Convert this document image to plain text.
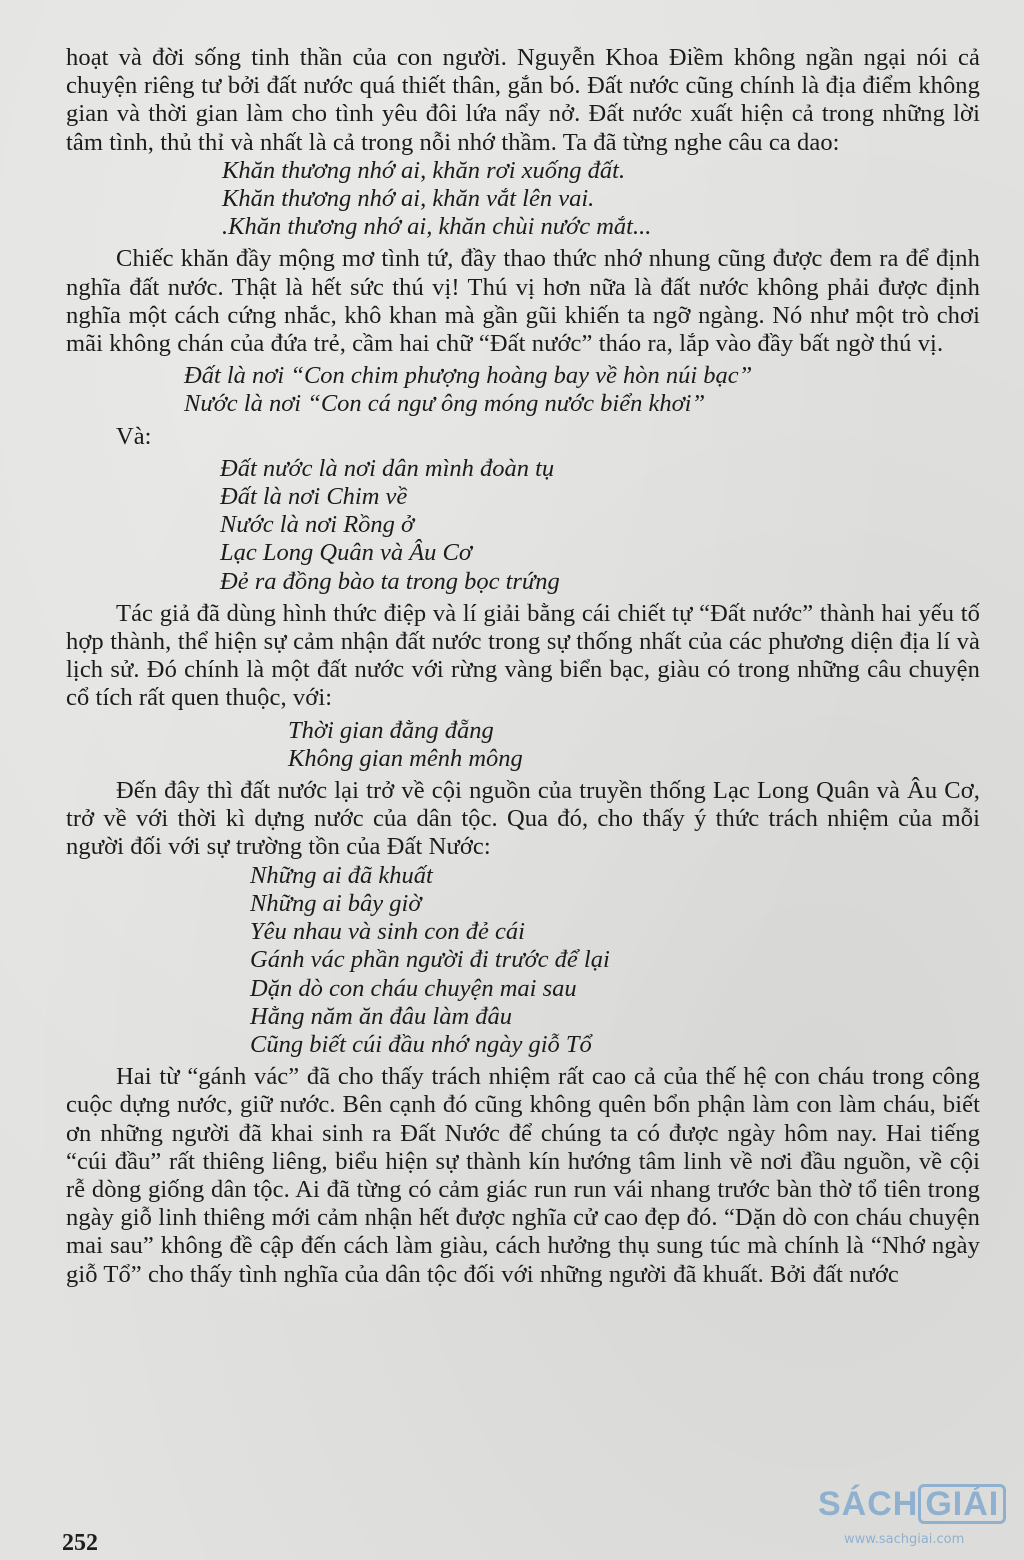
hoạt và đời sống tinh thần của con người. Nguyễn Khoa Điềm không ngần ngại nói cả chuyện riêng tư bởi đất nước quá thiết thân, gắn bó. Đất nước cũng chính là địa điểm không gian và thời gian làm cho tình yêu đôi lứa nẩy nở. Đất nước xuất hiện cả trong những lời tâm tình, thủ thỉ và nhất là cả trong nỗi nhớ thầm. Ta đã từng nghe câu ca dao:

Khăn thương nhớ ai, khăn rơi xuống đất.
Khăn thương nhớ ai, khăn vắt lên vai.
.Khăn thương nhớ ai, khăn chùi nước mắt...

Chiếc khăn đầy mộng mơ tình tứ, đầy thao thức nhớ nhung cũng được đem ra để định nghĩa đất nước. Thật là hết sức thú vị! Thú vị hơn nữa là đất nước không phải được định nghĩa một cách cứng nhắc, khô khan mà gần gũi khiến ta ngỡ ngàng. Nó như một trò chơi mãi không chán của đứa trẻ, cầm hai chữ “Đất nước” tháo ra, lắp vào đầy bất ngờ thú vị.

Đất là nơi “Con chim phượng hoàng bay về hòn núi bạc”
Nước là nơi “Con cá ngư ông móng nước biển khơi”

Và:

Đất nước là nơi dân mình đoàn tụ
Đất là nơi Chim về
Nước là nơi Rồng ở
Lạc Long Quân và Âu Cơ
Đẻ ra đồng bào ta trong bọc trứng

Tác giả đã dùng hình thức điệp và lí giải bằng cái chiết tự “Đất nước” thành hai yếu tố hợp thành, thể hiện sự cảm nhận đất nước trong sự thống nhất của các phương diện địa lí và lịch sử. Đó chính là một đất nước với rừng vàng biển bạc, giàu có trong những câu chuyện cổ tích rất quen thuộc, với:

Thời gian đằng đẵng
Không gian mênh mông

Đến đây thì đất nước lại trở về cội nguồn của truyền thống Lạc Long Quân và Âu Cơ, trở về với thời kì dựng nước của dân tộc. Qua đó, cho thấy ý thức trách nhiệm của mỗi người đối với sự trường tồn của Đất Nước:

Những ai đã khuất
Những ai bây giờ
Yêu nhau và sinh con đẻ cái
Gánh vác phần người đi trước để lại
Dặn dò con cháu chuyện mai sau
Hằng năm ăn đâu làm đâu
Cũng biết cúi đầu nhớ ngày giỗ Tổ

Hai từ “gánh vác” đã cho thấy trách nhiệm rất cao cả của thế hệ con cháu trong công cuộc dựng nước, giữ nước. Bên cạnh đó cũng không quên bổn phận làm con làm cháu, biết ơn những người đã khai sinh ra Đất Nước để chúng ta có được ngày hôm nay. Hai tiếng “cúi đầu” rất thiêng liêng, biểu hiện sự thành kín hướng tâm linh về nơi đầu nguồn, về cội rễ dòng giống dân tộc. Ai đã từng có cảm giác run run vái nhang trước bàn thờ tổ tiên trong ngày giỗ linh thiêng mới cảm nhận hết được nghĩa cử cao đẹp đó. “Dặn dò con cháu chuyện mai sau” không đề cập đến cách làm giàu, cách hưởng thụ sung túc mà chính là “Nhớ ngày giỗ Tổ” cho thấy tình nghĩa của dân tộc đối với những người đã khuất. Bởi đất nước

252
SÁCH GIẢI
www.sachgiai.com
